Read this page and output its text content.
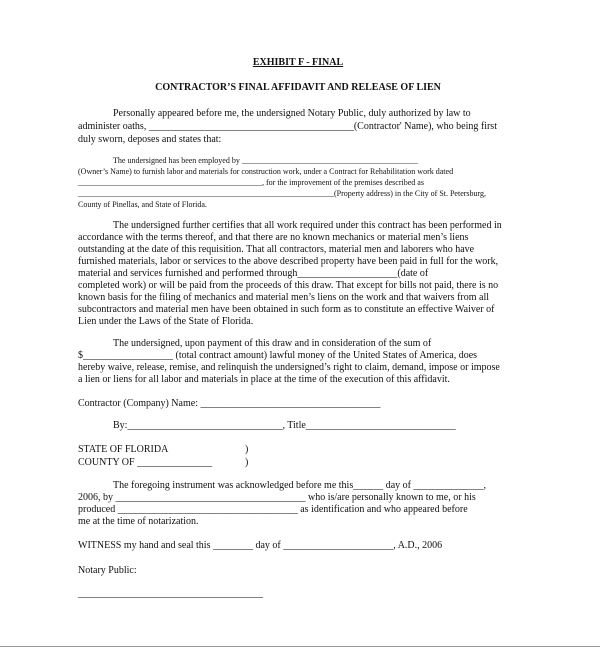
EXHIBIT F - FINAL

CONTRACTOR’S FINAL AFFIDAVIT AND RELEASE OF LIEN

Personally appeared before me, the undersigned Notary Public, duly authorized by law to

administer oaths, _________________________________________(Contractor' Name), who being first

duly sworn, deposes and states that:

The undersigned has been employed by ____________________________________________

(Owner’s Name) to furnish labor and materials for construction work, under a Contract for Rehabilitation work dated

______________________________________________, for the improvement of the premises described as

________________________________________________________________(Property address) in the City of St. Petersburg,

County of Pinellas, and State of Florida.

The undersigned further certifies that all work required under this contract has been performed in

accordance with the terms thereof, and that there are no known mechanics or material men’s liens

outstanding at the date of this requisition. That all contractors, material men and laborers who have

furnished materials, labor or services to the above described property have been paid in full for the work,

material and services furnished and performed through____________________(date of

completed work) or will be paid from the proceeds of this draw. That except for bills not paid, there is no

known basis for the filing of mechanics and material men’s liens on the work and that waivers from all

subcontractors and material men have been obtained in such form as to constitute an effective Waiver of

Lien under the Laws of the State of Florida.

The undersigned, upon payment of this draw and in consideration of the sum of

$__________________ (total contract amount) lawful money of the United States of America, does

hereby waive, release, remise, and relinquish the undersigned’s right to claim, demand, impose or impose

a lien or liens for all labor and materials in place at the time of the execution of this affidavit.

Contractor (Company) Name: ____________________________________

By:_______________________________, Title______________________________

STATE OF FLORIDA	)

COUNTY OF _______________	)

The foregoing instrument was acknowledged before me this______ day of ______________,

2006, by ______________________________________ who is/are personally known to me, or his

produced ____________________________________ as identification and who appeared before

me at the time of notarization.

WITNESS my hand and seal this ________ day of ______________________, A.D., 2006

Notary Public:

_____________________________________
